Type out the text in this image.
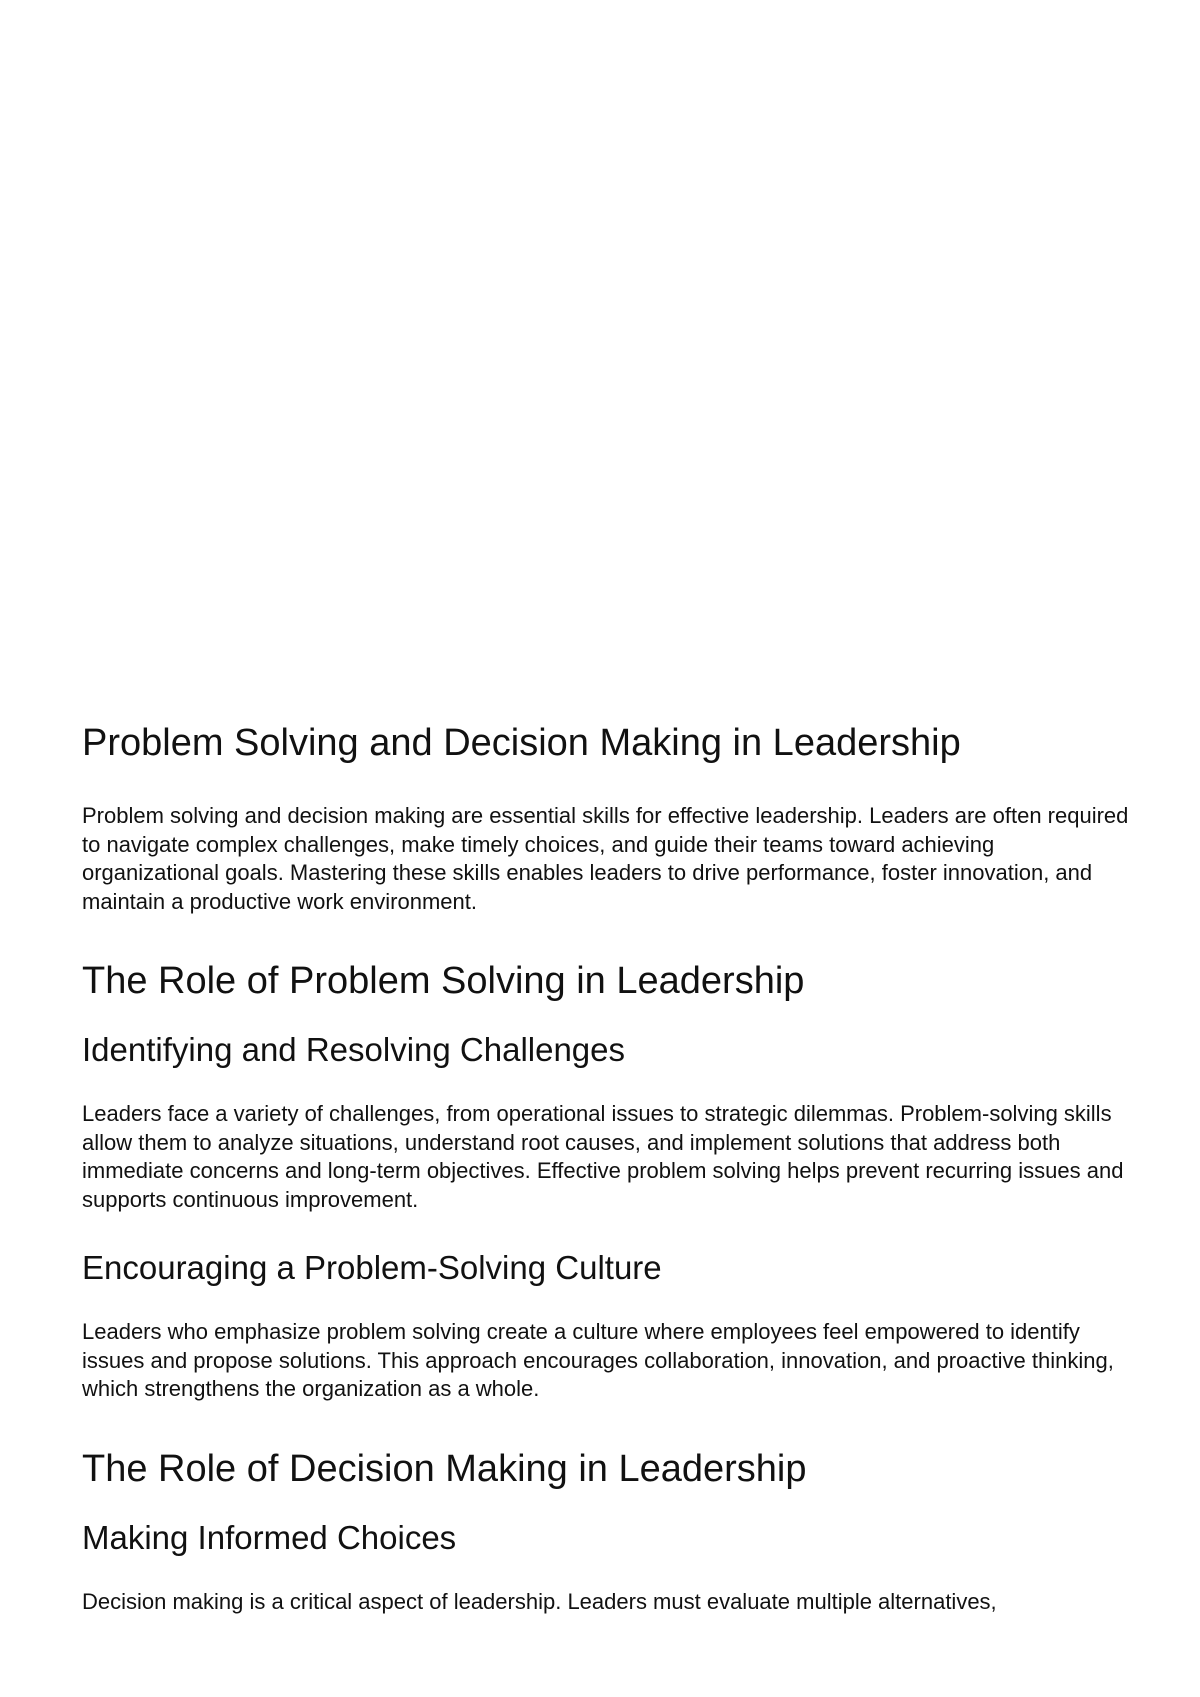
Problem Solving and Decision Making in Leadership

Problem solving and decision making are essential skills for effective leadership. Leaders are often required to navigate complex challenges, make timely choices, and guide their teams toward achieving organizational goals. Mastering these skills enables leaders to drive performance, foster innovation, and maintain a productive work environment.

The Role of Problem Solving in Leadership
Identifying and Resolving Challenges

Leaders face a variety of challenges, from operational issues to strategic dilemmas. Problem-solving skills allow them to analyze situations, understand root causes, and implement solutions that address both immediate concerns and long-term objectives. Effective problem solving helps prevent recurring issues and supports continuous improvement.

Encouraging a Problem-Solving Culture

Leaders who emphasize problem solving create a culture where employees feel empowered to identify issues and propose solutions. This approach encourages collaboration, innovation, and proactive thinking, which strengthens the organization as a whole.

The Role of Decision Making in Leadership
Making Informed Choices

Decision making is a critical aspect of leadership. Leaders must evaluate multiple alternatives,
